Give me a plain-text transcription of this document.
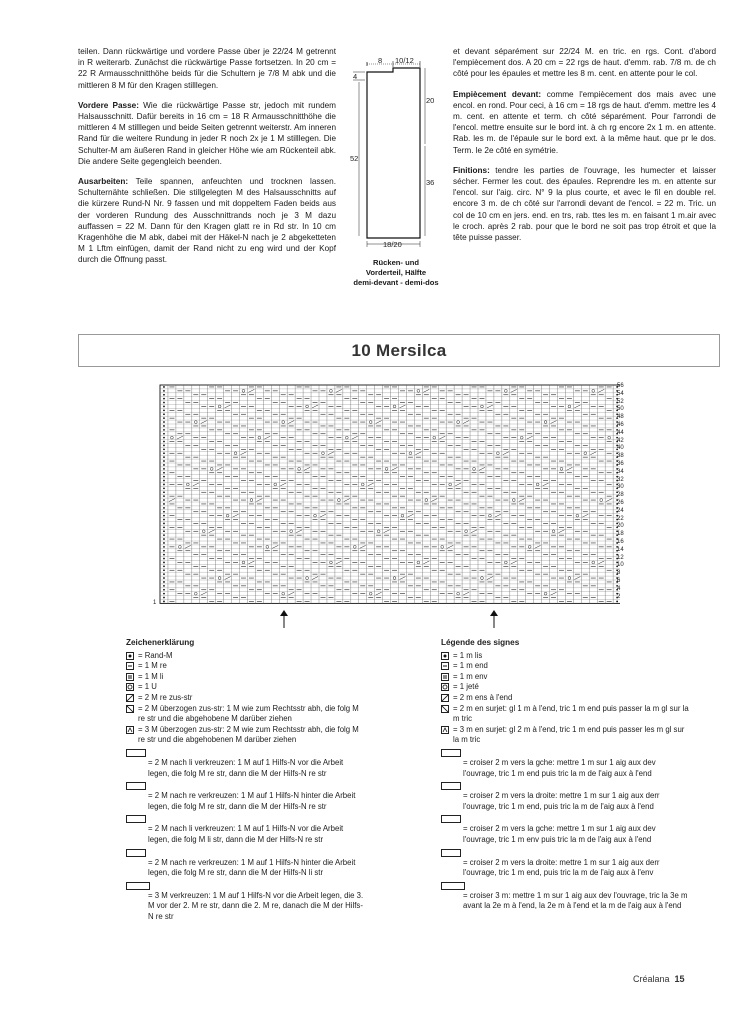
teilen. Dann rückwärtige und vordere Passe über je 22/24 M getrennt in R weiterarb. Zunächst die rückwärtige Passe fortsetzen. In 20 cm = 22 R Armausschnitthöhe beids für die Schultern je 7/8 M abk und die mittleren 8 M für den Kragen stilllegen.

Vordere Passe: Wie die rückwärtige Passe str, jedoch mit rundem Halsausschnitt. Dafür bereits in 16 cm = 18 R Armausschnitthöhe die mittleren 4 M stilllegen und beide Seiten getrennt weiterstr. Am inneren Rand für die weitere Rundung in jeder R noch 2x je 1 M stilllegen. Die Schulter-M am äußeren Rand in gleicher Höhe wie am Rückenteil abk. Die andere Seite gegengleich beenden.

Ausarbeiten: Teile spannen, anfeuchten und trocknen lassen. Schulternähte schließen. Die stillgelegten M des Halsausschnitts auf die kürzere Rund-N Nr. 9 fassen und mit doppeltem Faden beids aus der vorderen Rundung des Ausschnittrands noch je 3 M dazu auffassen = 22 M. Dann für den Kragen glatt re in Rd str. In 10 cm Kragenhöhe die M abk, dabei mit der Häkel-N nach je 2 abgeketteten M 1 Lftm einfügen, damit der Rand nicht zu eng wird und der Kopf durch die Öffnung passt.

8 10/12
4
20
52
36
18/20
Rücken- und
Vorderteil, Hälfte
demi-devant - demi-dos

et devant séparément sur 22/24 M. en tric. en rgs. Cont. d'abord l'empiècement dos. A 20 cm = 22 rgs de haut. d'emm. rab. 7/8 m. de ch côté pour les épaules et mettre les 8 m. cent. en attente pour le col.

Empiècement devant: comme l'empiècement dos mais avec une encol. en rond. Pour ceci, à 16 cm = 18 rgs de haut. d'emm. mettre les 4 m. cent. en attente et term. ch côté séparément. Pour l'arrondi de l'encol. mettre ensuite sur le bord int. à ch rg encore 2x 1 m. en attente. Rab. les m. de l'épaule sur le bord ext. à la même haut. que pr le dos. Term. le 2e côté en symétrie.

Finitions: tendre les parties de l'ouvrage, les humecter et laisser sécher. Fermer les cout. des épaules. Reprendre les m. en attente sur l'encol. sur l'aig. circ. N° 9 la plus courte, et avec le fil en double rel. encore 3 m. de ch côté sur l'arrondi devant de l'encol. = 22 m. Tric. un col de 10 cm en jers. end. en trs, rab. ttes les m. en faisant 1 m.air avec le croch. après 2 rab. pour que le bord ne soit pas trop étroit et que la tête puisse passer.

10 Mersilca
56
54
52
50
48
46
44
42
40
38
36
34
32
30
28
26
24
22
20
18
16
14
12
10
8
6
4
2
1
Zeichenerklärung
= Rand-M
= 1 M re
= 1 M li
= 1 U
= 2 M re zus-str
= 2 M überzogen zus-str: 1 M wie zum Rechtsstr abh, die folg M re str und die abgehobene M darüber ziehen
= 3 M überzogen zus-str: 2 M wie zum Rechtsstr abh, die folg M re str und die abgehobenen M darüber ziehen
= 2 M nach li verkreuzen: 1 M auf 1 Hilfs-N vor die Arbeit legen, die folg M re str, dann die M der Hilfs-N re str
= 2 M nach re verkreuzen: 1 M auf 1 Hilfs-N hinter die Arbeit legen, die folg M re str, dann die M der Hilfs-N re str
= 2 M nach li verkreuzen: 1 M auf 1 Hilfs-N vor die Arbeit legen, die folg M li str, dann die M der Hilfs-N re str
= 2 M nach re verkreuzen: 1 M auf 1 Hilfs-N hinter die Arbeit legen, die folg M re str, dann die M der Hilfs-N li str
= 3 M verkreuzen: 1 M auf 1 Hilfs-N vor die Arbeit legen, die 3. M vor der 2. M re str, dann die 2. M re, danach die M der Hilfs-N re str
Légende des signes
= 1 m lis
= 1 m end
= 1 m env
= 1 jeté
= 2 m ens à l'end
= 2 m en surjet: gl 1 m à l'end, tric 1 m end puis passer la m gl sur la m tric
= 3 m en surjet: gl 2 m à l'end, tric 1 m end puis passer les m gl sur la m tric
= croiser 2 m vers la gche: mettre 1 m sur 1 aig aux dev l'ouvrage, tric 1 m end puis tric la m de l'aig aux à l'end
= croiser 2 m vers la droite: mettre 1 m sur 1 aig aux derr l'ouvrage, tric 1 m end, puis tric la m de l'aig aux à l'end
= croiser 2 m vers la gche: mettre 1 m sur 1 aig aux dev l'ouvrage, tric 1 m env puis tric la m de l'aig aux à l'end
= croiser 2 m vers la droite: mettre 1 m sur 1 aig aux derr l'ouvrage, tric 1 m end, puis tric la m de l'aig aux à l'env
= croiser 3 m: mettre 1 m sur 1 aig aux dev l'ouvrage, tric la 3e m avant la 2e m à l'end, la 2e m à l'end et la m de l'aig aux à l'end
Créalana 15
